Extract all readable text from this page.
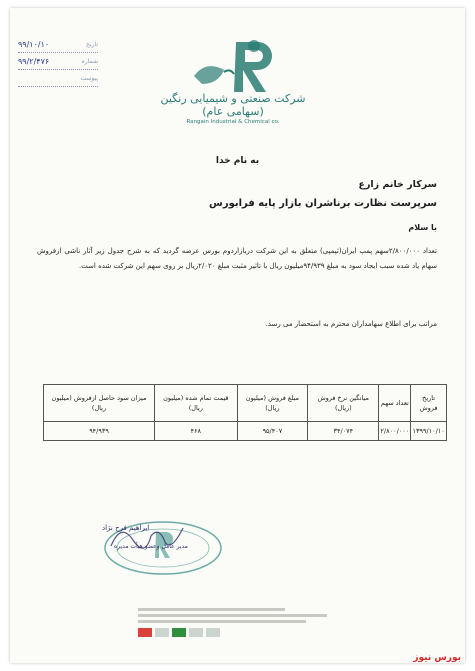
۹۹/۱۰/۱۰	تاریخ
۹۹/۲/۴۷۶	شماره
پیوست
شرکت صنعتی و شیمیایی رنگین (سهامی عام)
Rangain Industrial & Chemical co.
به نام خدا
سرکار خانم زارع
سرپرست نظارت برناشران بازار پایه فرابورس
با سلام
تعداد ۲/۸۰۰/۰۰۰سهم پمپ ایران(ثپمپی) متعلق به این شرکت دربازاردوم بورس عرضه گردید که به شرح جدول زیر آثار ناشی ازفروش سهام یاد شده سبب ایجاد سود به مبلغ ۹۴/۹۳۹میلیون ریال با تاثیر مثبت مبلغ ۲/۰۲۰ریال بر روی سهم این شرکت شده است.
مراتب برای اطلاع سهامداران محترم به استحضار می رسد.
تاریخ فروش	تعداد سهم	میانگین نرخ فروش (ریال)	مبلغ فروش (میلیون ریال)	قیمت تمام شده (میلیون ریال)	میزان سود حاصل ازفروش (میلیون ریال)
۱۳۹۹/۱۰/۱۰	۲/۸۰۰/۰۰۰	۳۴/۰۷۴	۹۵/۴۰۷	۴۶۸	۹۴/۹۳۹
ابراهیم فرح نژاد
مدیر عامل وعضو هیأت مدیره
بورس نیوز
